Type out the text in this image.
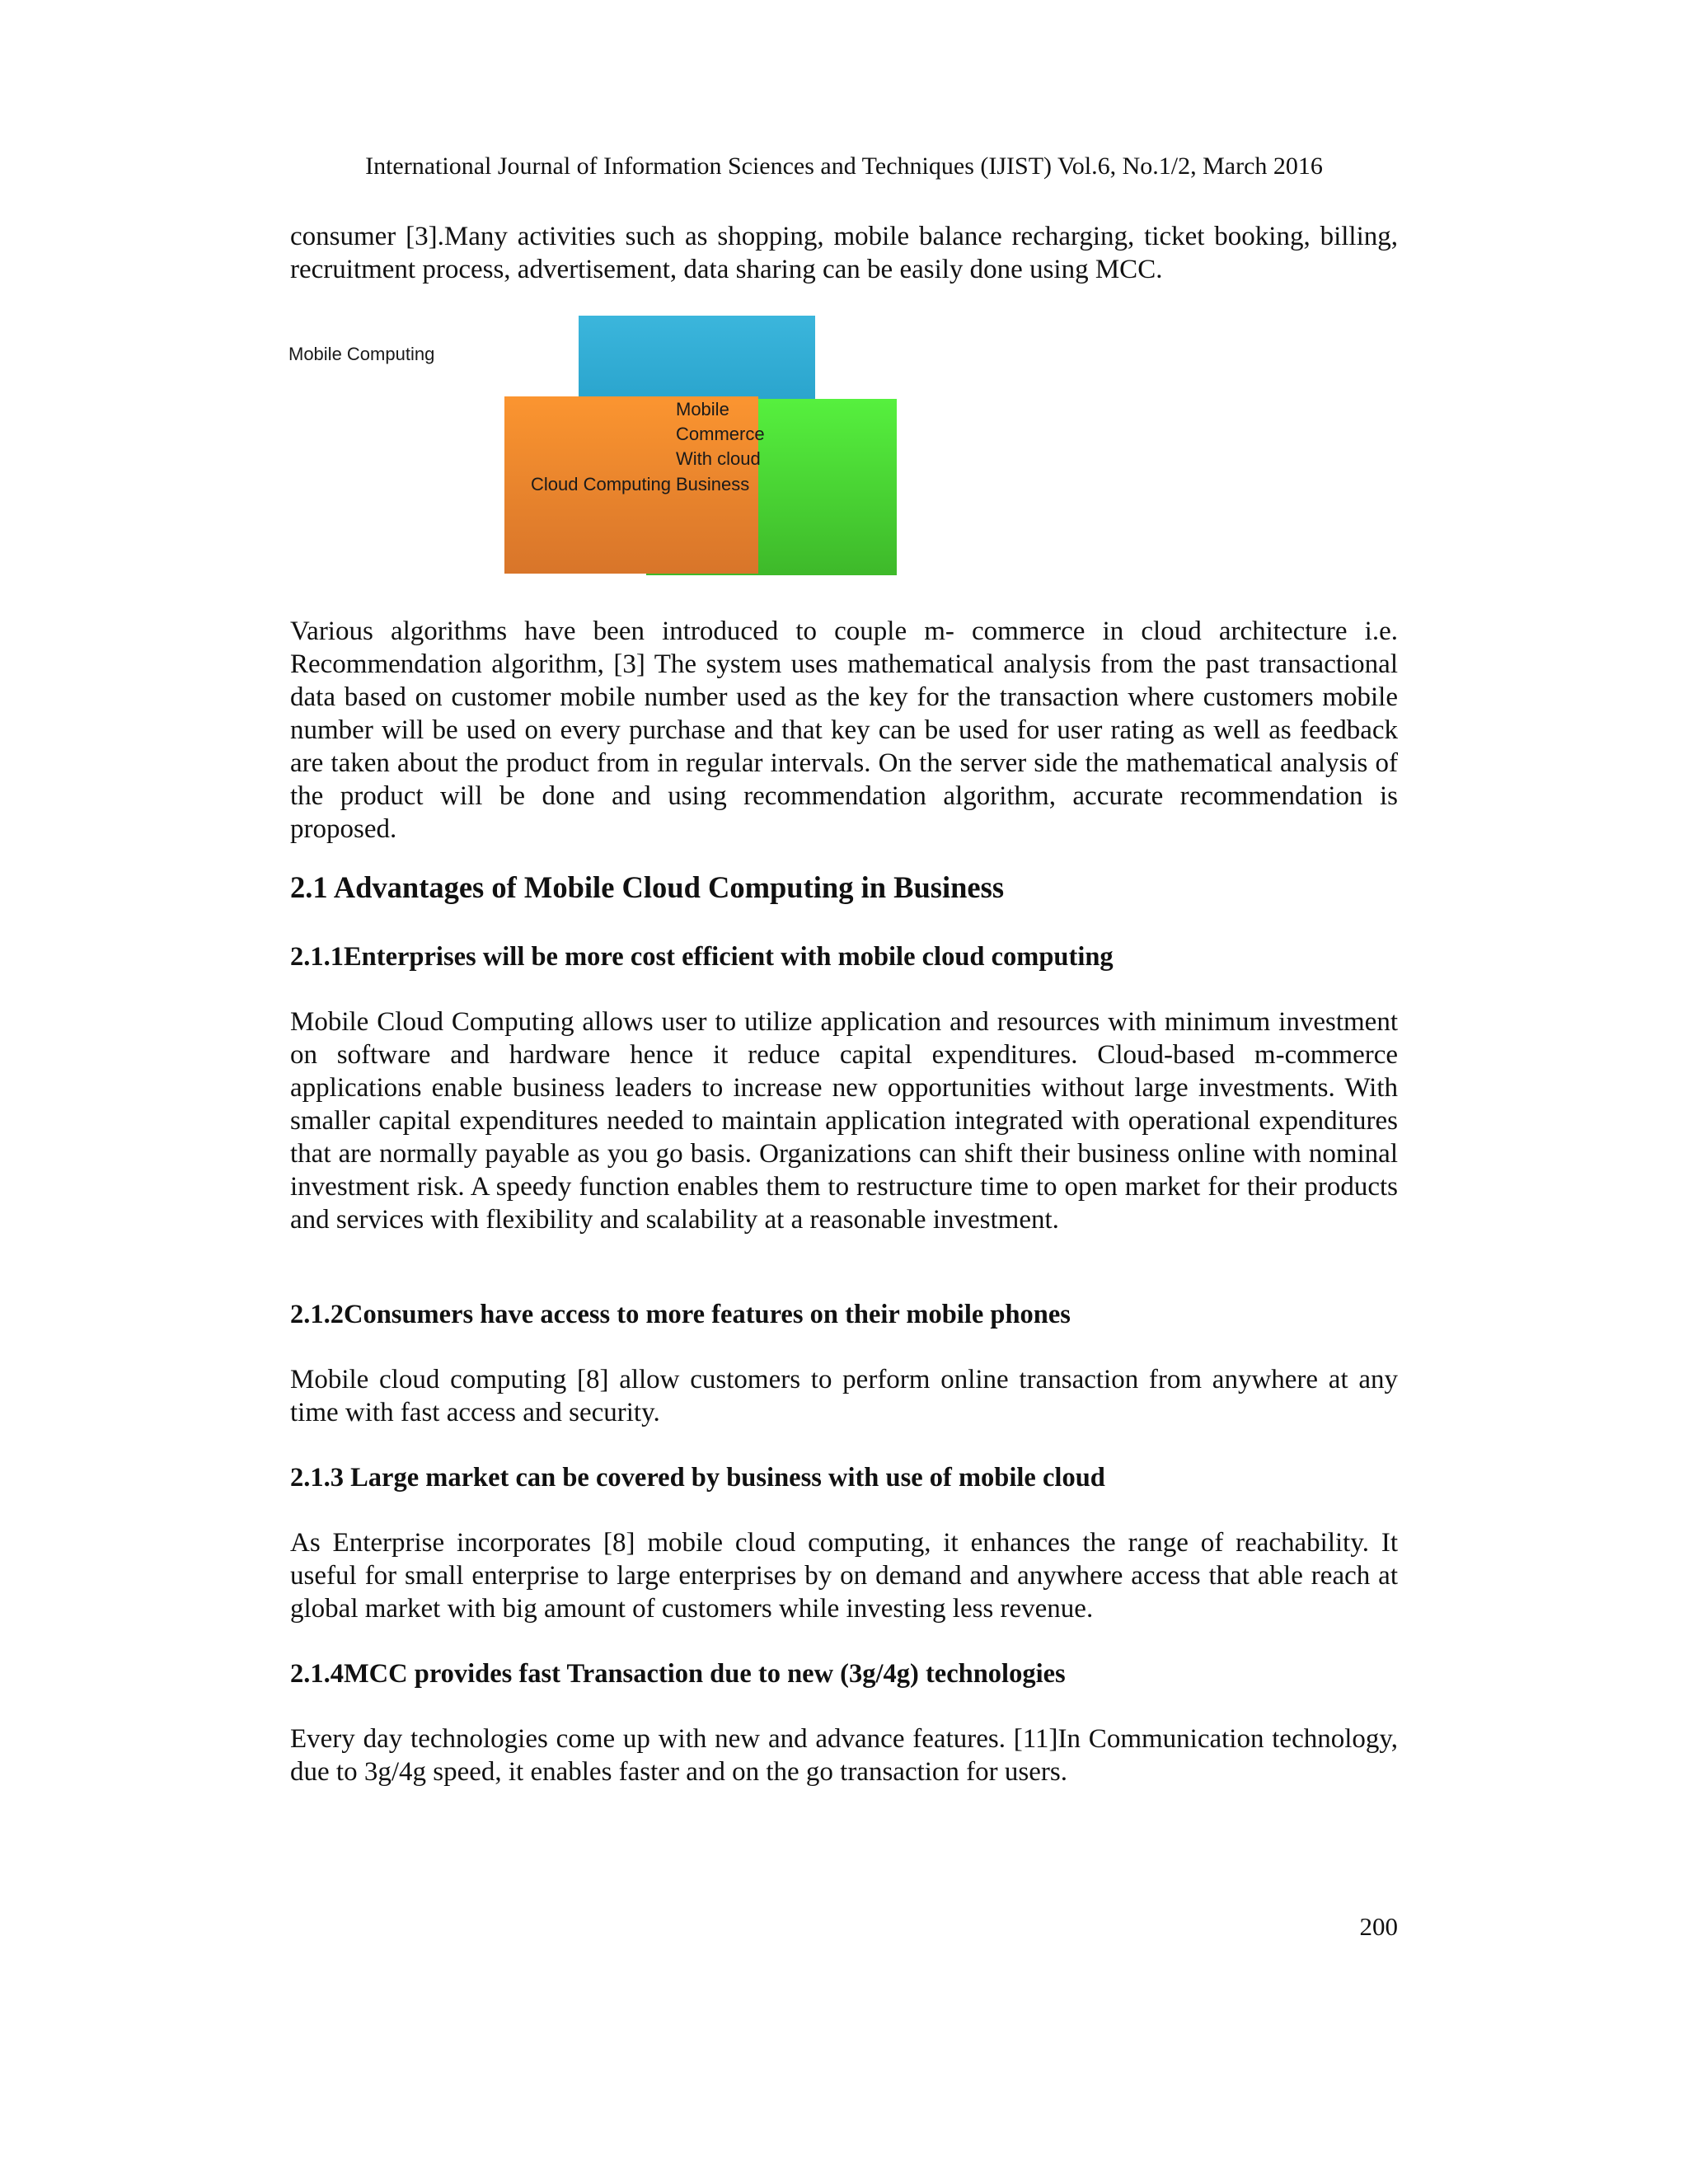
International Journal of Information Sciences and Techniques (IJIST) Vol.6, No.1/2, March 2016

consumer [3].Many activities such as shopping, mobile balance recharging, ticket booking, billing, recruitment process, advertisement, data sharing can be easily done using MCC.

Mobile Computing
Cloud Computing
Mobile
Commerce
With cloud
Business

Various algorithms have been introduced to couple m- commerce in cloud architecture i.e. Recommendation algorithm, [3] The system uses mathematical analysis from the past transactional data based on customer mobile number used as the key for the transaction where customers mobile number will be used on every purchase and that key can be used for user rating as well as feedback are taken about the product from in regular intervals. On the server side the mathematical analysis of the product will be done and using recommendation algorithm, accurate recommendation is proposed.

2.1 Advantages of Mobile Cloud Computing in Business
2.1.1Enterprises will be more cost efficient with mobile cloud computing

Mobile Cloud Computing allows user to utilize application and resources with minimum investment on software and hardware hence it reduce capital expenditures. Cloud-based m-commerce applications enable business leaders to increase new opportunities without large investments. With smaller capital expenditures needed to maintain application integrated with operational expenditures that are normally payable as you go basis. Organizations can shift their business online with nominal investment risk. A speedy function enables them to restructure time to open market for their products and services with flexibility and scalability at a reasonable investment.

2.1.2Consumers have access to more features on their mobile phones

Mobile cloud computing [8] allow customers to perform online transaction from anywhere at any time with fast access and security.

2.1.3 Large market can be covered by business with use of mobile cloud

As Enterprise incorporates [8] mobile cloud computing, it enhances the range of reachability. It useful for small enterprise to large enterprises by on demand and anywhere access that able reach at global market with big amount of customers while investing less revenue.

2.1.4MCC provides fast Transaction due to new (3g/4g) technologies

Every day technologies come up with new and advance features. [11]In Communication technology, due to 3g/4g speed, it enables faster and on the go transaction for users.

200
